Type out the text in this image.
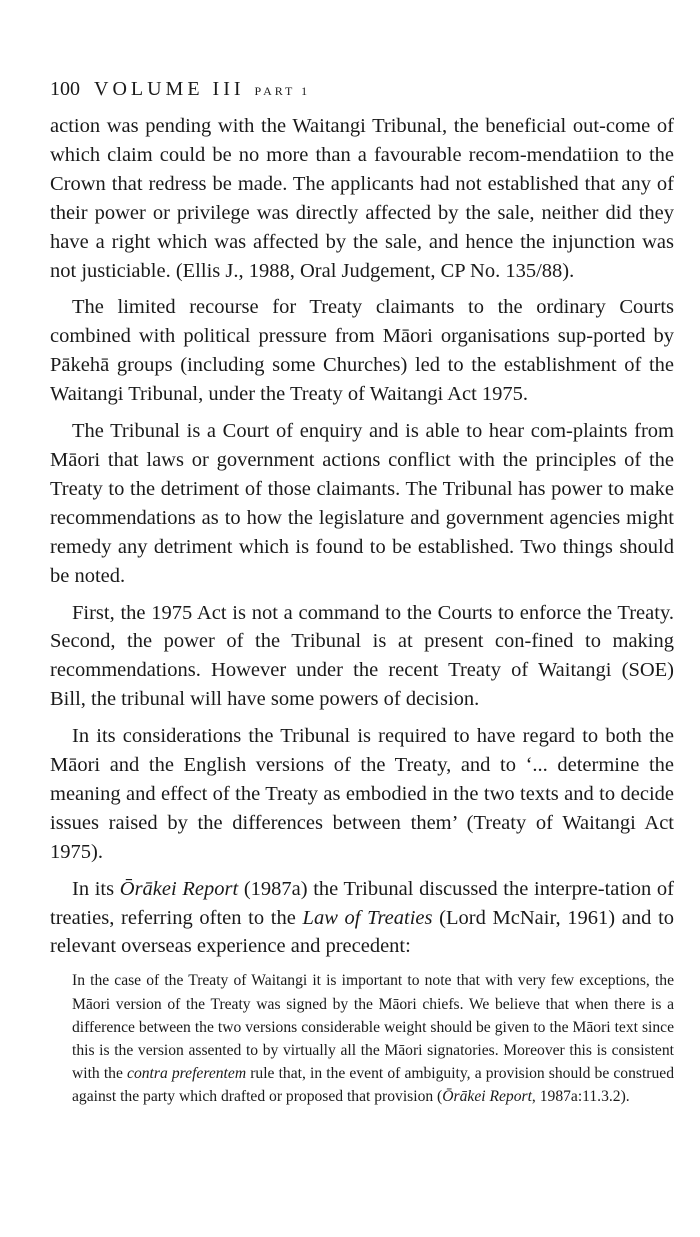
100 VOLUME III PART 1

action was pending with the Waitangi Tribunal, the beneficial out-come of which claim could be no more than a favourable recom-mendatiion to the Crown that redress be made. The applicants had not established that any of their power or privilege was directly affected by the sale, neither did they have a right which was affected by the sale, and hence the injunction was not justiciable. (Ellis J., 1988, Oral Judgement, CP No. 135/88).

The limited recourse for Treaty claimants to the ordinary Courts combined with political pressure from Māori organisations sup-ported by Pākehā groups (including some Churches) led to the establishment of the Waitangi Tribunal, under the Treaty of Waitangi Act 1975.

The Tribunal is a Court of enquiry and is able to hear com-plaints from Māori that laws or government actions conflict with the principles of the Treaty to the detriment of those claimants. The Tribunal has power to make recommendations as to how the legislature and government agencies might remedy any detriment which is found to be established. Two things should be noted.

First, the 1975 Act is not a command to the Courts to enforce the Treaty. Second, the power of the Tribunal is at present con-fined to making recommendations. However under the recent Treaty of Waitangi (SOE) Bill, the tribunal will have some powers of decision.

In its considerations the Tribunal is required to have regard to both the Māori and the English versions of the Treaty, and to ‘... determine the meaning and effect of the Treaty as embodied in the two texts and to decide issues raised by the differences between them’ (Treaty of Waitangi Act 1975).

In its Ōrākei Report (1987a) the Tribunal discussed the interpre-tation of treaties, referring often to the Law of Treaties (Lord McNair, 1961) and to relevant overseas experience and precedent:

In the case of the Treaty of Waitangi it is important to note that with very few exceptions, the Māori version of the Treaty was signed by the Māori chiefs. We believe that when there is a difference between the two versions considerable weight should be given to the Māori text since this is the version assented to by virtually all the Māori signatories. Moreover this is consistent with the contra preferentem rule that, in the event of ambiguity, a provision should be construed against the party which drafted or proposed that provision (Ōrākei Report, 1987a:11.3.2).
